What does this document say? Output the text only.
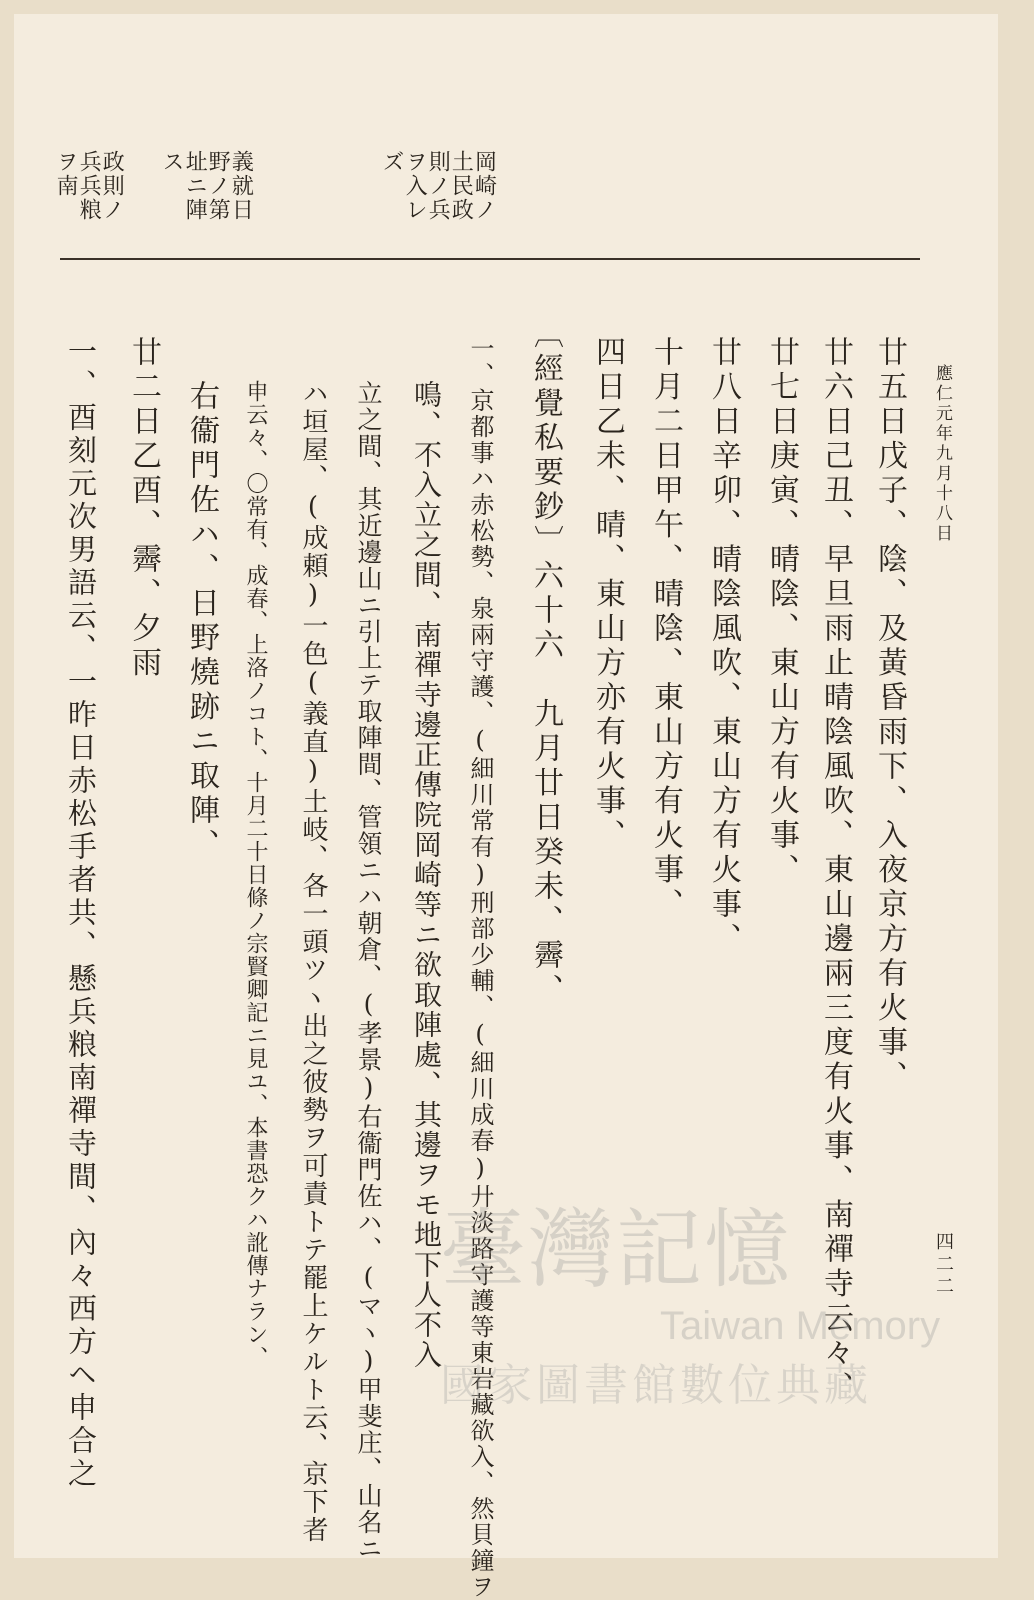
應仁元年九月十八日
四二二
岡崎ノ土民政則ノ兵ヲ入レズ
義就日野ノ第址ニ陣ス
政則ノ兵兵粮ヲ南
廿五日戊子、陰、及黃昏雨下、入夜京方有火事、
廿六日己丑、早旦雨止晴陰風吹、東山邊兩三度有火事、南禪寺云々、
廿七日庚寅、晴陰、東山方有火事、
廿八日辛卯、晴陰風吹、東山方有火事、
十月二日甲午、晴陰、東山方有火事、
四日乙未、晴、東山方亦有火事、
〔經覺私要鈔〕六十六　九月廿日癸未、霽、
一、京都事ハ赤松勢、泉兩守護、(細川常有)刑部少輔、(細川成春)廾淡路守護等東岩藏欲入、然貝鐘ヲ
鳴、不入立之間、南禪寺邊正傳院岡崎等ニ欲取陣處、其邊ヲモ地下人不入
立之間、其近邊山ニ引上テ取陣間、管領ニハ朝倉、(孝景)右衞門佐ハ、(マヽ)甲斐庄、山名ニ
ハ垣屋、(成頼)一色(義直)土岐、各一頭ツヽ出之彼勢ヲ可責トテ罷上ケルト云、京下者
申云々、〇常有、成春、上洛ノコト、十月二十日條ノ宗賢卿記ニ見ユ、本書恐クハ訛傳ナラン、
右衞門佐ハ、日野燒跡ニ取陣、
廿二日乙酉、霽、夕雨
一、酉刻元次男語云、一昨日赤松手者共、懸兵粮南禪寺間、內々西方ヘ申合之	臺灣記憶
Taiwan Memory
國家圖書館數位典藏
